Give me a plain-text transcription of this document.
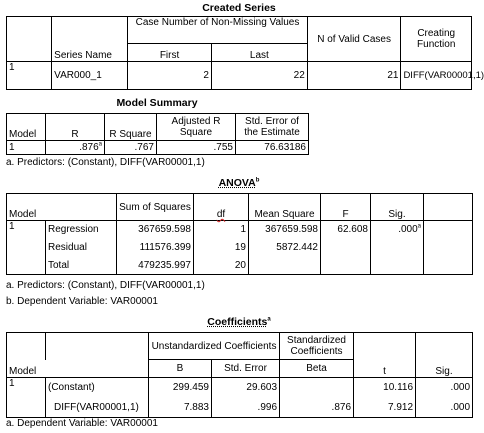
Created Series
		Case Number of Non-Missing Values		N of Valid Cases	Creating Function
	Series Name	First	Last		
1	VAR000_1	2	22	21	DIFF(VAR00001,1)
Model Summary
Model	R	R Square	Adjusted R Square	Std. Error of the Estimate
1	.876$^a$	.767	.755	76.63186
a. Predictors: (Constant), DIFF(VAR00001,1)
ANOVA$^b$
Model		Sum of Squares	df	Mean Square	F	Sig.	
1	Regression	367659.598	1	367659.598	62.608	.000$^a$	
	Residual	111576.399	19	5872.442			
	Total	479235.997	20				
a. Predictors: (Constant), DIFF(VAR00001,1)
b. Dependent Variable: VAR00001
Coefficients$^a$
		Unstandardized Coefficients		Standardized Coefficients		
Model		B	Std. Error	Beta	t	Sig.
1	(Constant)	299.459	29.603		10.116	.000
	DIFF(VAR00001,1)	7.883	.996	.876	7.912	.000
a. Dependent Variable: VAR00001
